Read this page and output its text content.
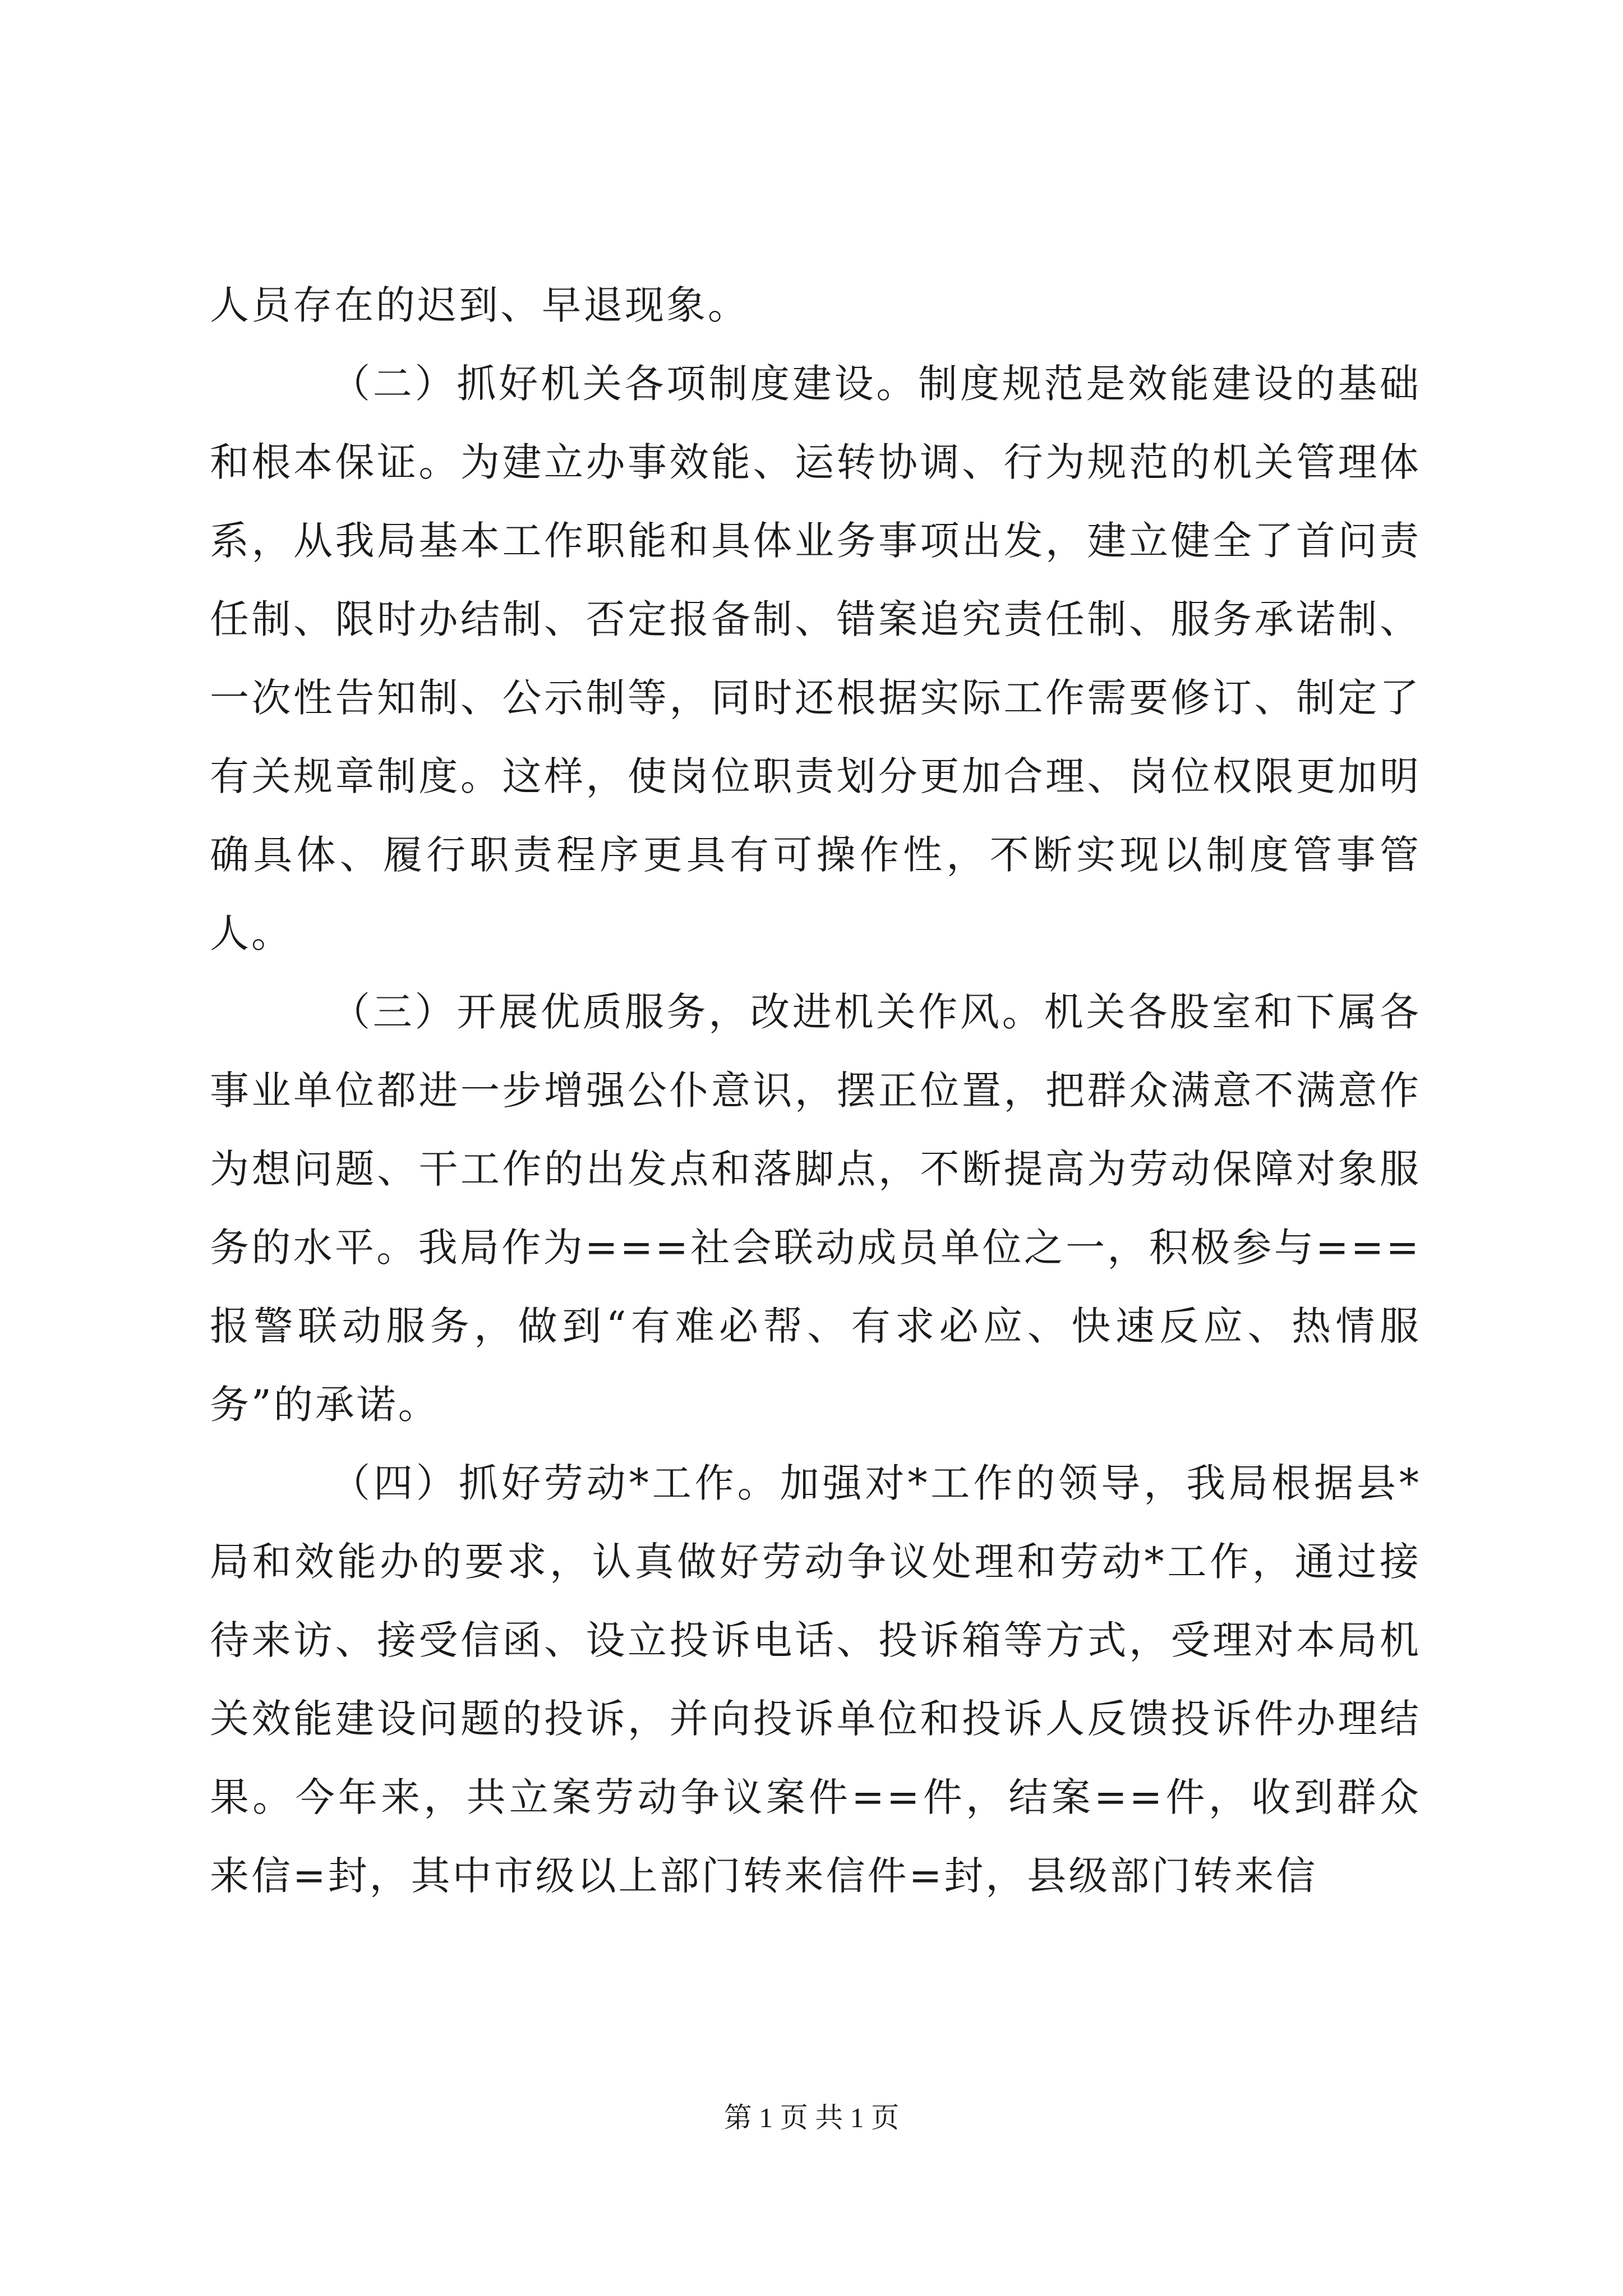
人员存在的迟到、早退现象。

（二）抓好机关各项制度建设。制度规范是效能建设的基础和根本保证。为建立办事效能、运转协调、行为规范的机关管理体系，从我局基本工作职能和具体业务事项出发，建立健全了首问责任制、限时办结制、否定报备制、错案追究责任制、服务承诺制、一次性告知制、公示制等，同时还根据实际工作需要修订、制定了有关规章制度。这样，使岗位职责划分更加合理、岗位权限更加明确具体、履行职责程序更具有可操作性，不断实现以制度管事管人。

（三）开展优质服务，改进机关作风。机关各股室和下属各事业单位都进一步增强公仆意识，摆正位置，把群众满意不满意作为想问题、干工作的出发点和落脚点，不断提高为劳动保障对象服务的水平。我局作为===社会联动成员单位之一，积极参与===报警联动服务，做到“有难必帮、有求必应、快速反应、热情服务”的承诺。

（四）抓好劳动*工作。加强对*工作的领导，我局根据县*局和效能办的要求，认真做好劳动争议处理和劳动*工作，通过接待来访、接受信函、设立投诉电话、投诉箱等方式，受理对本局机关效能建设问题的投诉，并向投诉单位和投诉人反馈投诉件办理结果。今年来，共立案劳动争议案件==件，结案==件，收到群众来信=封，其中市级以上部门转来信件=封，县级部门转来信

第 1 页 共 1 页
